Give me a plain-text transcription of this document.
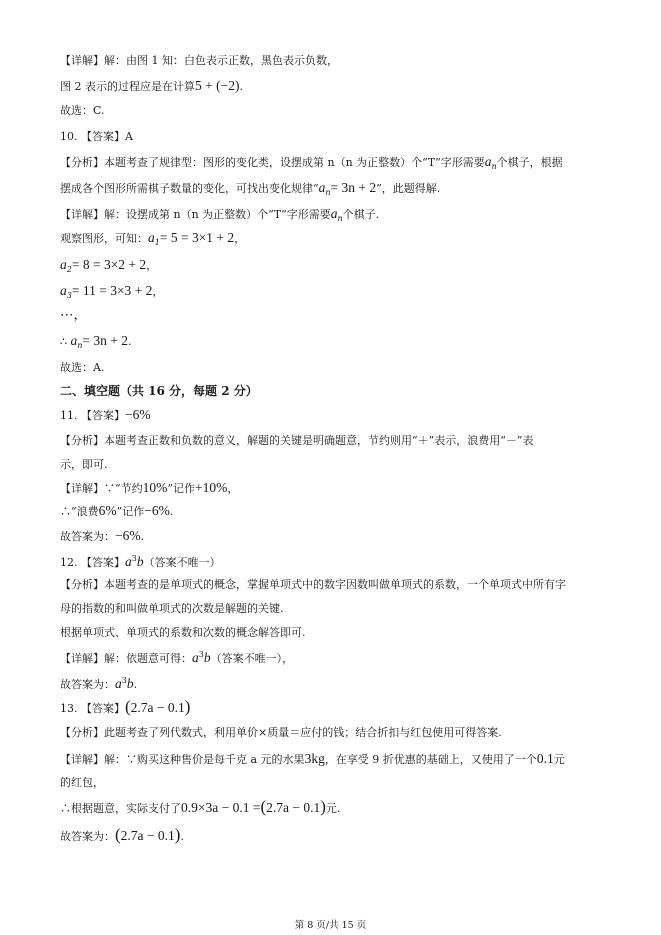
【详解】解：由图 1 知：白色表示正数，黑色表示负数，
图 2 表示的过程应是在计算5 + (−2).
故选：C.
10. 【答案】A
【分析】本题考查了规律型：图形的变化类，设摆成第 n（n 为正整数）个“T”字形需要$a_n$个棋子，根据
摆成各个图形所需棋子数量的变化，可找出变化规律“$a_n= 3n + 2$”，此题得解.
【详解】解：设摆成第 n（n 为正整数）个“T”字形需要$a_n$个棋子.
观察图形，可知：$a_1= 5 = 3\times 1 + 2$，
$a_2= 8 = 3\times 2 + 2$，
$a_3= 11 = 3\times 3 + 2$，
⋯，
∴ $a_n= 3n + 2$.
故选：A.
二、填空题（共 16 分，每题 2 分）
11. 【答案】−6%
【分析】本题考查正数和负数的意义，解题的关键是明确题意，节约则用“＋”表示，浪费用“－”表
示，即可.
【详解】∵“节约10%”记作+10%，
∴“浪费6%”记作−6%.
故答案为：−6%.
12. 【答案】$a^3b$（答案不唯一）
【分析】本题考查的是单项式的概念，掌握单项式中的数字因数叫做单项式的系数，一个单项式中所有字
母的指数的和叫做单项式的次数是解题的关键.
根据单项式、单项式的系数和次数的概念解答即可.
【详解】解：依题意可得：$a^3b$（答案不唯一），
故答案为：$a^3b$.
13. 【答案】(2.7a − 0.1)
【分析】此题考查了列代数式，利用单价×质量＝应付的钱；结合折扣与红包使用可得答案.
【详解】解：∵购买这种售价是每千克 a 元的水果3kg，在享受 9 折优惠的基础上，又使用了一个0.1元
的红包，
∴根据题意，实际支付了0.9×3a − 0.1 =(2.7a − 0.1)元.
故答案为：(2.7a − 0.1).
第 8 页/共 15 页
